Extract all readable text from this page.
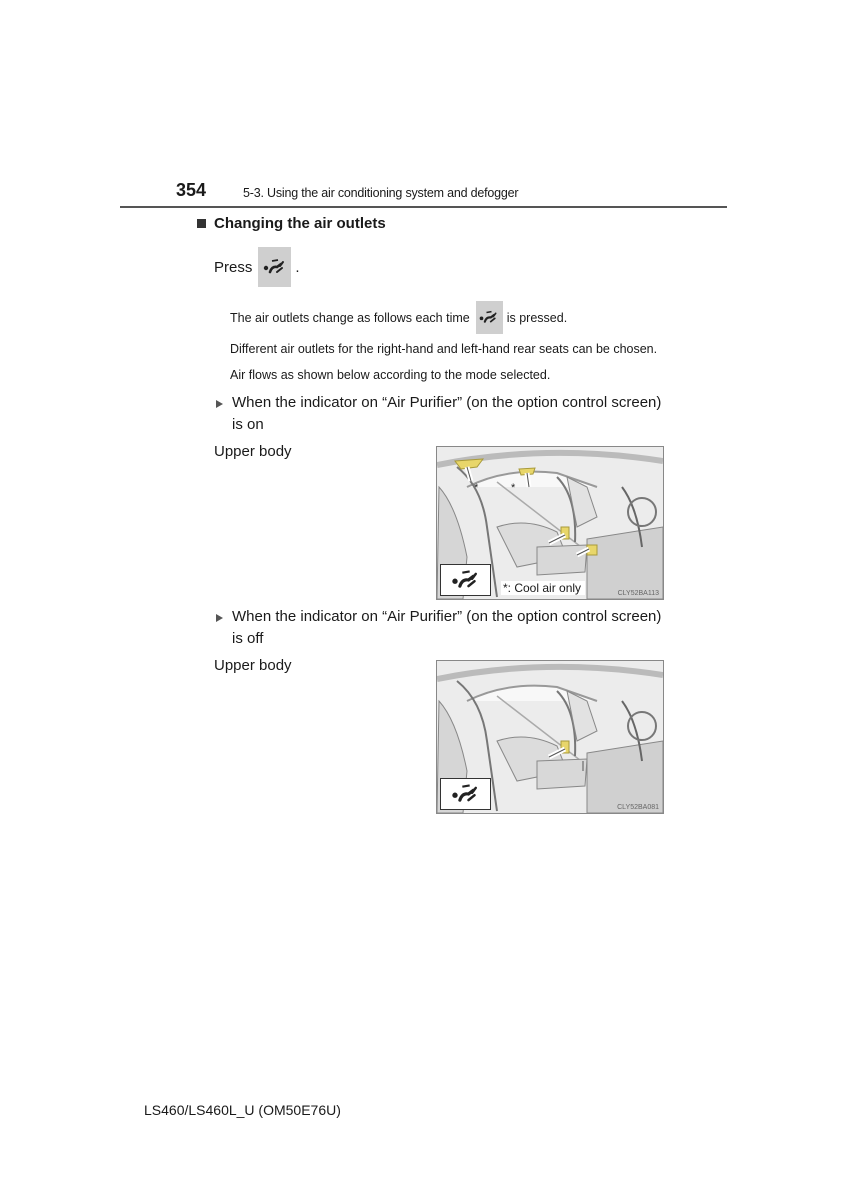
354	5-3. Using the air conditioning system and defogger
Changing the air outlets
Press	.
The air outlets change as follows each time	is pressed.
Different air outlets for the right-hand and left-hand rear seats can be chosen.
Air flows as shown below according to the mode selected.
When the indicator on “Air Purifier” (on the option control screen) is on
Upper body
*	*
*: Cool air only	CLY52BA113
When the indicator on “Air Purifier” (on the option control screen) is off
Upper body
CLY52BA081
LS460/LS460L_U (OM50E76U)
